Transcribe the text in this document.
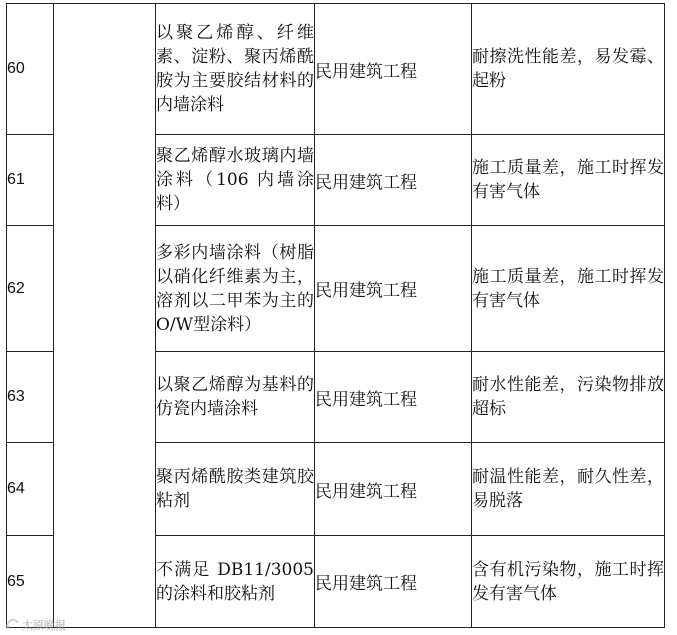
60		以聚乙烯醇、纤维素、淀粉、聚丙烯酰胺为主要胶结材料的内墙涂料	民用建筑工程	耐擦洗性能差，易发霉、起粉
61		聚乙烯醇水玻璃内墙涂料（106 内墙涂料）	民用建筑工程	施工质量差，施工时挥发有害气体
62		多彩内墙涂料（树脂以硝化纤维素为主，溶剂以二甲苯为主的O/W型涂料）	民用建筑工程	施工质量差，施工时挥发有害气体
63		以聚乙烯醇为基料的仿瓷内墙涂料	民用建筑工程	耐水性能差，污染物排放超标
64		聚丙烯酰胺类建筑胶粘剂	民用建筑工程	耐温性能差，耐久性差，易脱落
65		不满足 DB11/3005 的涂料和胶粘剂	民用建筑工程	含有机污染物，施工时挥发有害气体
太原晚报
